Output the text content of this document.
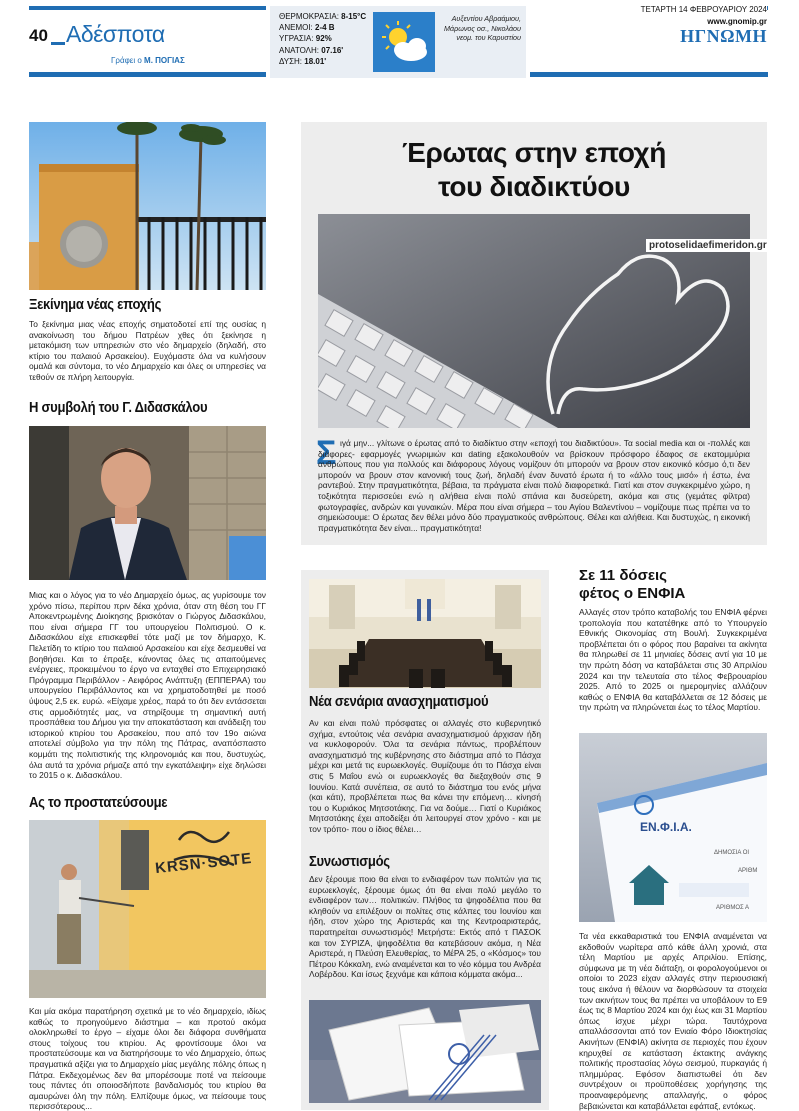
40 Αδέσποτα
Γράφει ο Μ. ΠΟΓΙΑΣ
ΘΕΡΜΟΚΡΑΣΙΑ: 8-15°C
ΑΝΕΜΟΙ: 2-4 Β
ΥΓΡΑΣΙΑ: 92%
ΑΝΑΤΟΛΗ: 07.16'
ΔΥΣΗ: 18.01'
Αυξεντίου Αβραάμιου, Μάρωνος οσ., Νικολάου νεομ. του Καρυστίου
ΤΕΤΑΡΤΗ 14 ΦΕΒΡΟΥΑΡΙΟΥ 2024
www.gnomip.gr
ΗΓΝΩΜΗ
Ξεκίνημα νέας εποχής
Το ξεκίνημα μιας νέας εποχής σηματοδοτεί επί της ουσίας η ανακοίνωση του δήμου Πατρέων χθες ότι ξεκίνησε η μετακόμιση των υπηρεσιών στο νέο δημαρχείο (δηλαδή, στο κτίριο του παλαιού Αρσακείου). Ευχόμαστε όλα να κυλήσουν ομαλά και σύντομα, το νέο Δημαρχείο και όλες οι υπηρεσίες να τεθούν σε πλήρη λειτουργία.
Η συμβολή του Γ. Διδασκάλου
Μιας και ο λόγος για το νέο Δημαρχείο όμως, ας γυρίσουμε τον χρόνο πίσω, περίπου πριν δέκα χρόνια, όταν στη θέση του ΓΓ Αποκεντρωμένης Διοίκησης βρισκόταν ο Γιώργος Διδασκάλου, που είναι σήμερα ΓΓ του υπουργείου Πολιτισμού. Ο κ. Διδασκάλου είχε επισκεφθεί τότε μαζί με τον δήμαρχο, Κ. Πελετίδη το κτίριο του παλαιού Αρσακείου και είχε δεσμευθεί να βοηθήσει. Και το έπραξε, κάνοντας όλες τις απαιτούμενες ενέργειες, προκειμένου το έργο να ενταχθεί στο Επιχειρησιακό Πρόγραμμα Περιβάλλον - Αειφόρος Ανάπτυξη (ΕΠΠΕΡΑΑ) του υπουργείου Περιβάλλοντος και να χρηματοδοτηθεί με ποσό ύψους 2,5 εκ. ευρώ. «Είχαμε χρέος, παρά το ότι δεν εντάσσεται στις αρμοδιότητές μας, να στηρίξουμε τη σημαντική αυτή προσπάθεια του Δήμου για την αποκατάσταση και ανάδειξη του ιστορικού κτιρίου του Αρσακείου, που από τον 19ο αιώνα αποτελεί σύμβολο για την πόλη της Πάτρας, αναπόσπαστο κομμάτι της πολιτιστικής της κληρονομιάς και που, δυστυχώς, όλα αυτά τα χρόνια ρήμαζε από την εγκατάλειψη» είχε δηλώσει το 2015 ο κ. Διδασκάλου.
Ας το προστατεύσουμε
KRSN·SOTE
Και μία ακόμα παρατήρηση σχετικά με το νέο δημαρχείο, ιδίως καθώς το προηγούμενο διάστημα – και προτού ακόμα ολοκληρωθεί το έργο – είχαμε όλοι δει διάφορα συνθήματα στους τοίχους του κτιρίου. Ας φροντίσουμε όλοι να προστατεύσουμε και να διατηρήσουμε το νέο Δημαρχείο, όπως πραγματικά αξίζει για το Δημαρχείο μίας μεγάλης πόλης όπως η Πάτρα. Εκδεχομένως δεν θα μπορέσουμε ποτέ να πείσουμε τους πάντες ότι οποιοσδήποτε βανδαλισμός του κτιρίου θα αμαυρώνει όλη την πόλη. Ελπίζουμε όμως, να πείσουμε τους περισσότερους...
Έρωτας στην εποχή
του διαδικτύου
protoselidaefimeridon.gr
Σ ιγά μην... γλίτωνε ο έρωτας από το διαδίκτυο στην «εποχή του διαδικτύου». Τα social media και οι -πολλές και διάφορες- εφαρμογές γνωριμιών και dating εξακολουθούν να βρίσκουν πρόσφορο έδαφος σε εκατομμύρια ανθρώπους που για πολλούς και διάφορους λόγους νομίζουν ότι μπορούν να βρουν στον εικονικό κόσμο ό,τι δεν μπορούν να βρουν στον κανονική τους ζωή, δηλαδή έναν δυνατό έρωτα ή το «άλλο τους μισό» ή έστω, ένα ραντεβού. Στην πραγματικότητα, βέβαια, τα πράγματα είναι πολύ διαφορετικά. Γιατί και στον συγκεκριμένο χώρο, η τοξικότητα περισσεύει ενώ η αλήθεια είναι πολύ σπάνια και δυσεύρετη, ακόμα και στις (γεμάτες φίλτρα) φωτογραφίες, ανδρών και γυναικών. Μέρα που είναι σήμερα – του Αγίου Βαλεντίνου – νομίζουμε πως πρέπει να το σημειώσουμε: Ο έρωτας δεν θέλει μόνο δύο πραγματικούς ανθρώπους. Θέλει και αλήθεια. Και δυστυχώς, η εικονική πραγματικότητα δεν είναι... πραγματικότητα!
Νέα σενάρια ανασχηματισμού
Αν και είναι πολύ πρόσφατες οι αλλαγές στο κυβερνητικό σχήμα, εντούτοις νέα σενάρια ανασχηματισμού άρχισαν ήδη να κυκλοφορούν. Όλα τα σενάρια πάντως, προβλέπουν ανασχηματισμό της κυβέρνησης στο διάστημα από το Πάσχα μέχρι και μετά τις ευρωεκλογές. Θυμίζουμε ότι το Πάσχα είναι στις 5 Μαΐου ενώ οι ευρωεκλογές θα διεξαχθούν στις 9 Ιουνίου. Κατά συνέπεια, σε αυτό το διάστημα του ενός μήνα (και κάτι), προβλέπεται πως θα κάνει την επόμενη… κίνησή του ο Κυριάκος Μητσοτάκης. Για να δούμε… Γιατί ο Κυριάκος Μητσοτάκης έχει αποδείξει ότι λειτουργεί στον χρόνο - και με τον τρόπο- που ο ίδιος θέλει…
Συνωστισμός
Δεν ξέρουμε ποιο θα είναι το ενδιαφέρον των πολιτών για τις ευρωεκλογές, ξέρουμε όμως ότι θα είναι πολύ μεγάλο το ενδιαφέρον των… πολιτικών. Πλήθος τα ψηφοδέλτια που θα κληθούν να επιλέξουν οι πολίτες στις κάλπες του Ιουνίου και ήδη, στον χώρο της Αριστεράς και της Κεντροαριστεράς, παρατηρείται συνωστισμός! Μετρήστε: Εκτός από τ ΠΑΣΟΚ και τον ΣΥΡΙΖΑ, ψηφοδέλτια θα κατεβάσουν ακόμα, η Νέα Αριστερά, η Πλεύση Ελευθερίας, το ΜέΡΑ 25, ο «Κόσμος» του Πέτρου Κόκκαλη, ενώ αναμένεται και το νέο κόμμα του Ανδρέα Λοβέρδου. Και ίσως ξεχνάμε και κάποια κόμματα ακόμα...
Σε 11 δόσεις
φέτος ο ΕΝΦΙΑ
Αλλαγές στον τρόπο καταβολής του ΕΝΦΙΑ φέρνει τροπολογία που κατατέθηκε από το Υπουργείο Εθνικής Οικονομίας στη Βουλή. Συγκεκριμένα προβλέπεται ότι ο φόρος που βαραίνει τα ακίνητα θα πληρωθεί σε 11 μηνιαίες δόσεις αντί για 10 με την πρώτη δόση να καταβάλεται στις 30 Απριλίου 2024 και την τελευταία στο τέλος Φεβρουαρίου 2025. Από το 2025 οι ημερομηνίες αλλάζουν καθώς ο ΕΝΦΙΑ θα καταβάλλεται σε 12 δόσεις με την πρώτη να πληρώνεται έως το τέλος Μαρτίου.
ΕΝ.Φ.Ι.Α.
ΔΗΜΟΣΙΑ ΟΙ
ΑΡΙΘΜ
ΑΡΙΘΜΟΣ Α
Τα νέα εκκαθαριστικά του ΕΝΦΙΑ αναμένεται να εκδοθούν νωρίτερα από κάθε άλλη χρονιά, στα τέλη Μαρτίου με αρχές Απριλίου. Επίσης, σύμφωνα με τη νέα διάταξη, οι φορολογούμενοι οι οποίοι το 2023 είχαν αλλαγές στην περιουσιακή τους εικόνα ή θέλουν να διορθώσουν τα στοιχεία των ακινήτων τους θα πρέπει να υποβάλουν το Ε9 έως τις 8 Μαρτίου 2024 και όχι έως και 31 Μαρτίου όπως ίσχυε μέχρι τώρα. Ταυτόχρονα απαλλάσσονται από τον Ενιαίο Φόρο Ιδιοκτησίας Ακινήτων (ΕΝΦΙΑ) ακίνητα σε περιοχές που έχουν κηρυχθεί σε κατάσταση έκτακτης ανάγκης πολιτικής προστασίας λόγω σεισμού, πυρκαγιάς ή πλημμύρας. Εφόσον διαπιστωθεί ότι δεν συντρέχουν οι προϋποθέσεις χορήγησης της προαναφερόμενης απαλλαγής, ο φόρος βεβαιώνεται και καταβάλλεται εφάπαξ, εντόκως.
